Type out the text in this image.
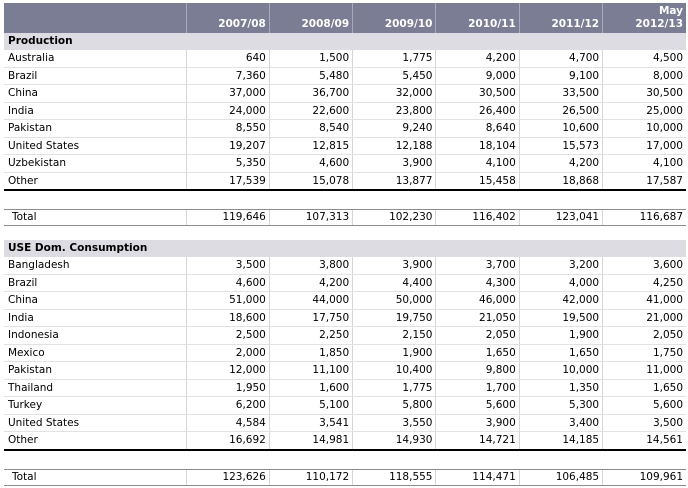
	2007/08	2008/09	2009/10	2010/11	2011/12	May
2012/13

Production						
Australia	640	1,500	1,775	4,200	4,700	4,500
Brazil	7,360	5,480	5,450	9,000	9,100	8,000
China	37,000	36,700	32,000	30,500	33,500	30,500
India	24,000	22,600	23,800	26,400	26,500	25,000
Pakistan	8,550	8,540	9,240	8,640	10,600	10,000
United States	19,207	12,815	12,188	18,104	15,573	17,000
Uzbekistan	5,350	4,600	3,900	4,100	4,200	4,100
Other	17,539	15,078	13,877	15,458	18,868	17,587

Total	119,646	107,313	102,230	116,402	123,041	116,687

USE Dom. Consumption						
Bangladesh	3,500	3,800	3,900	3,700	3,200	3,600
Brazil	4,600	4,200	4,400	4,300	4,000	4,250
China	51,000	44,000	50,000	46,000	42,000	41,000
India	18,600	17,750	19,750	21,050	19,500	21,000
Indonesia	2,500	2,250	2,150	2,050	1,900	2,050
Mexico	2,000	1,850	1,900	1,650	1,650	1,750
Pakistan	12,000	11,100	10,400	9,800	10,000	11,000
Thailand	1,950	1,600	1,775	1,700	1,350	1,650
Turkey	6,200	5,100	5,800	5,600	5,300	5,600
United States	4,584	3,541	3,550	3,900	3,400	3,500
Other	16,692	14,981	14,930	14,721	14,185	14,561

Total	123,626	110,172	118,555	114,471	106,485	109,961
